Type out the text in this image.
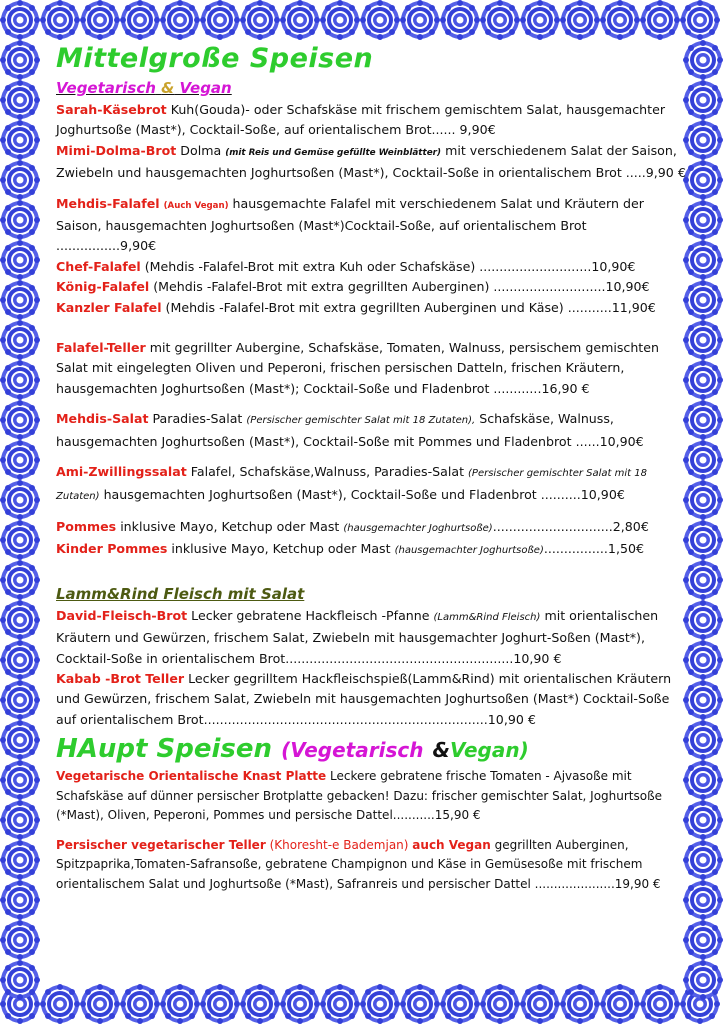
Mittelgroße Speisen
Vegetarisch & Vegan

Sarah-Käsebrot Kuh(Gouda)- oder Schafskäse mit frischem gemischtem Salat, hausgemachter Joghurtsoße (Mast*), Cocktail-Soße, auf orientalischem Brot...... 9,90€

Mimi-Dolma-Brot Dolma (mit Reis und Gemüse gefüllte Weinblätter) mit verschiedenem Salat der Saison, Zwiebeln und hausgemachten Joghurtsoßen (Mast*), Cocktail-Soße in orientalischem Brot .....9,90 €

Mehdis-Falafel (Auch Vegan) hausgemachte Falafel mit verschiedenem Salat und Kräutern der Saison, hausgemachten Joghurtsoßen (Mast*)Cocktail-Soße, auf orientalischem Brot ................9,90€

Chef-Falafel (Mehdis -Falafel-Brot mit extra Kuh oder Schafskäse) ............................10,90€

König-Falafel (Mehdis -Falafel-Brot mit extra gegrillten Auberginen) ............................10,90€

Kanzler Falafel (Mehdis -Falafel-Brot mit extra gegrillten Auberginen und Käse) ...........11,90€

Falafel-Teller mit gegrillter Aubergine, Schafskäse, Tomaten, Walnuss, persischem gemischten Salat mit eingelegten Oliven und Peperoni, frischen persischen Datteln, frischen Kräutern, hausgemachten Joghurtsoßen (Mast*); Cocktail-Soße und Fladenbrot ............16,90 €

Mehdis-Salat Paradies-Salat (Persischer gemischter Salat mit 18 Zutaten), Schafskäse, Walnuss, hausgemachten Joghurtsoßen (Mast*), Cocktail-Soße mit Pommes und Fladenbrot ......10,90€

Ami-Zwillingssalat Falafel, Schafskäse,Walnuss, Paradies-Salat (Persischer gemischter Salat mit 18 Zutaten) hausgemachten Joghurtsoßen (Mast*), Cocktail-Soße und Fladenbrot ..........10,90€

Pommes inklusive Mayo, Ketchup oder Mast (hausgemachter Joghurtsoße)..............................2,80€

Kinder Pommes inklusive Mayo, Ketchup oder Mast (hausgemachter Joghurtsoße)................1,50€

Lamm&Rind Fleisch mit Salat

David-Fleisch-Brot Lecker gebratene Hackfleisch -Pfanne (Lamm&Rind Fleisch) mit orientalischen Kräutern und Gewürzen, frischem Salat, Zwiebeln mit hausgemachter Joghurt-Soßen (Mast*), Cocktail-Soße in orientalischem Brot.........................................................10,90 €

Kabab -Brot Teller Lecker gegrilltem Hackfleischspieß(Lamm&Rind) mit orientalischen Kräutern und Gewürzen, frischem Salat, Zwiebeln mit hausgemachten Joghurtsoßen (Mast*) Cocktail-Soße auf orientalischem Brot.......................................................................10,90 €

HAupt Speisen (Vegetarisch &Vegan)

Vegetarische Orientalische Knast Platte Leckere gebratene frische Tomaten - Ajvasoße mit Schafskäse auf dünner persischer Brotplatte gebacken! Dazu: frischer gemischter Salat, Joghurtsoße (*Mast), Oliven, Peperoni, Pommes und persische Dattel...........15,90 €

Persischer vegetarischer Teller (Khoresht-e Bademjan) auch Vegan gegrillten Auberginen, Spitzpaprika,Tomaten-Safransoße, gebratene Champignon und Käse in Gemüsesoße mit frischem orientalischem Salat und Joghurtsoße (*Mast), Safranreis und persischer Dattel .....................19,90 €
